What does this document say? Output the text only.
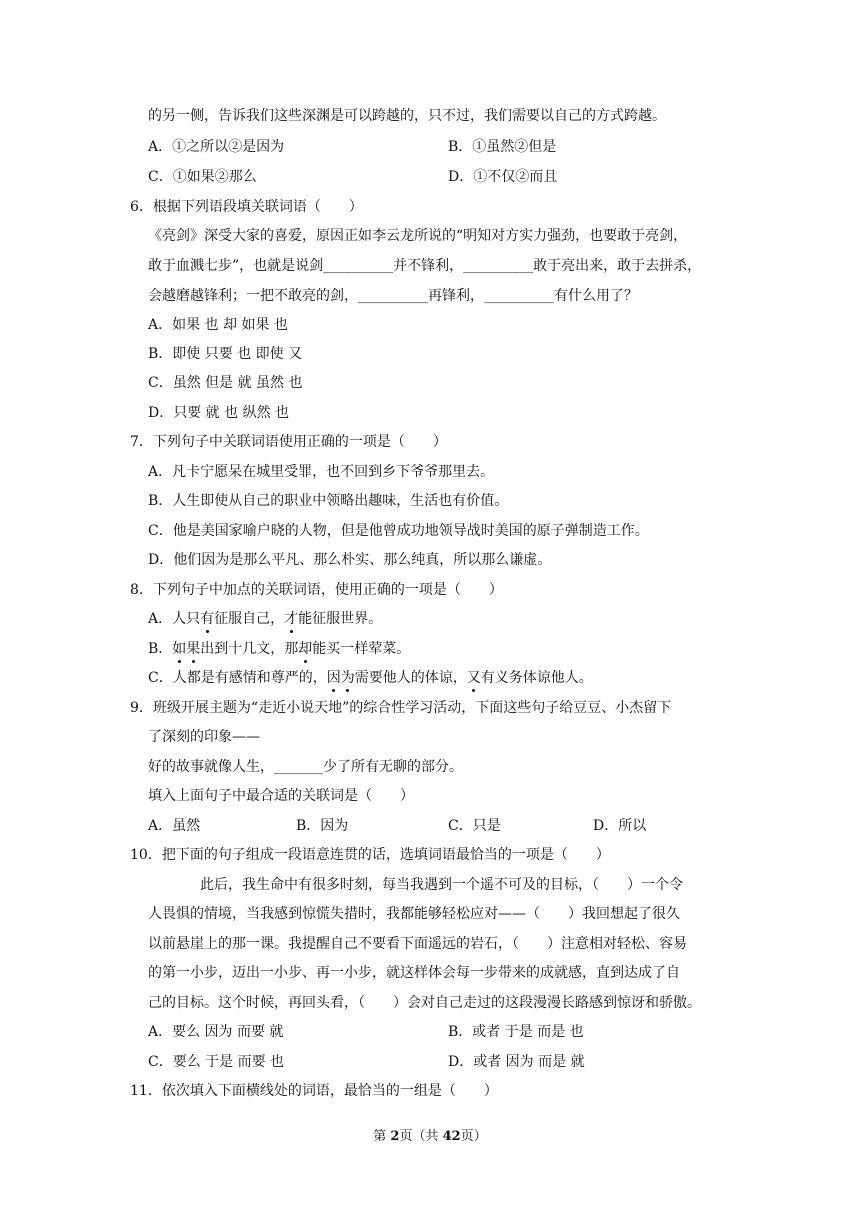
的另一侧，告诉我们这些深渊是可以跨越的，只不过，我们需要以自己的方式跨越。
A．①之所以②是因为	B．①虽然②但是
C．①如果②那么	D．①不仅②而且
6．根据下列语段填关联词语（　　）
《亮剑》深受大家的喜爱，原因正如李云龙所说的“明知对方实力强劲，也要敢于亮剑，
敢于血溅七步”，也就是说剑__________并不锋利，__________敢于亮出来，敢于去拼杀，
会越磨越锋利；一把不敢亮的剑，__________再锋利，__________有什么用了？
A．如果 也 却 如果 也
B．即使 只要 也 即使 又
C．虽然 但是 就 虽然 也
D．只要 就 也 纵然 也
7．下列句子中关联词语使用正确的一项是（　　）
A．凡卡宁愿呆在城里受罪，也不回到乡下爷爷那里去。
B．人生即使从自己的职业中领略出趣味，生活也有价值。
C．他是美国家喻户晓的人物，但是他曾成功地领导战时美国的原子弹制造工作。
D．他们因为是那么平凡、那么朴实、那么纯真，所以那么谦虚。
8．下列句子中加点的关联词语，使用正确的一项是（　　）
A．人只有征服自己，才能征服世界。
B．如果出到十几文，那却能买一样荤菜。
C．人都是有感情和尊严的，因为需要他人的体谅，又有义务体谅他人。
9．班级开展主题为“走近小说天地”的综合性学习活动，下面这些句子给豆豆、小杰留下
了深刻的印象——
好的故事就像人生，_______少了所有无聊的部分。
填入上面句子中最合适的关联词是（　　）
A．虽然	B．因为	C．只是	D．所以
10．把下面的句子组成一段语意连贯的话，选填词语最恰当的一项是（　　）
此后，我生命中有很多时刻，每当我遇到一个遥不可及的目标，（　　）一个令
人畏惧的情境，当我感到惊慌失措时，我都能够轻松应对——（　　）我回想起了很久
以前悬崖上的那一课。我提醒自己不要看下面遥远的岩石，（　　）注意相对轻松、容易
的第一小步，迈出一小步、再一小步，就这样体会每一步带来的成就感，直到达成了自
己的目标。这个时候，再回头看，（　　）会对自己走过的这段漫漫长路感到惊讶和骄傲。
A．要么 因为 而要 就	B．或者 于是 而是 也
C．要么 于是 而要 也	D．或者 因为 而是 就
11．依次填入下面横线处的词语，最恰当的一组是（　　）
第 2页（共 42页）
